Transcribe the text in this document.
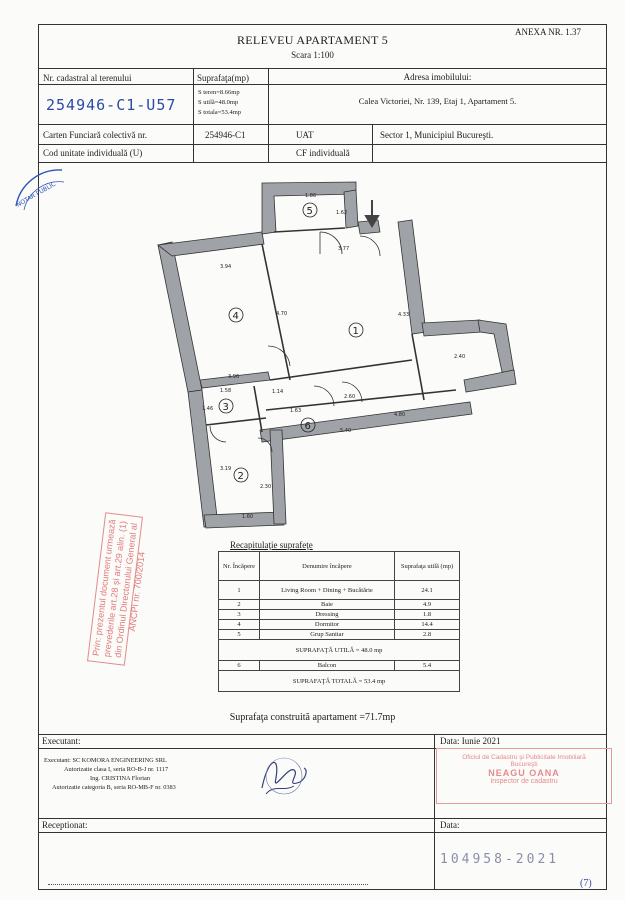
ANEXA NR. 1.37
RELEVEU APARTAMENT 5
Scara 1:100
Nr. cadastral al terenului
254946-C1-U57
Suprafaţa(mp)
S teren=8.66mp
S utilă=48.0mp
S totala=53.4mp
Adresa imobilului:
Calea Victoriei, Nr. 139, Etaj 1, Apartament 5.
Carten Funciară colectivă nr.	254946-C1	UAT	Sector 1, Municipiul Bucureşti.
Cod unitate individuală (U)	CF individuală
1
2
3
4
5
6
1.86
1.62
3.77
3.94
4.70	4.33
2.40
3.96
1.58	1.14
1.63
2.60
4.80
1.46
5.40
3.19
2.30
1.60
NOTAR PUBLIC
Recapitulaţie suprafeţe
Nr. Încăpere	Denumire încăpere	Suprafaţa utilă (mp)
1	Living Room + Dining + Bucătărie	24.1
2	Baie	4.9
3	Dressing	1.8
4	Dormitor	14.4
5	Grup Sanitar	2.8
SUPRAFAŢĂ UTILĂ = 48.0 mp		
6	Balcon	5.4
SUPRAFAŢĂ TOTALĂ = 53.4 mp		
Suprafaţa construită apartament =71.7mp
Prin: prezentul document urmează prevederile art.28 și art.29 alin. (1) din Ordinul Directorului General al ANCPI nr. 700/2014
Executant:	Data: Iunie 2021
Executant: SC KOMORA ENGINEERING SRL
Autorizatie clasa I, seria RO-B-J nr. 1117
Ing. CRISTINA Florian
Autorizatie categoria B, seria RO-MB-F nr. 0383
Oficiul de Cadastru şi Publicitate Imobiliară
Bucureşti
NEAGU OANA
Inspector de cadastru
Receptionat:	Data:
104958-2021
(7)
